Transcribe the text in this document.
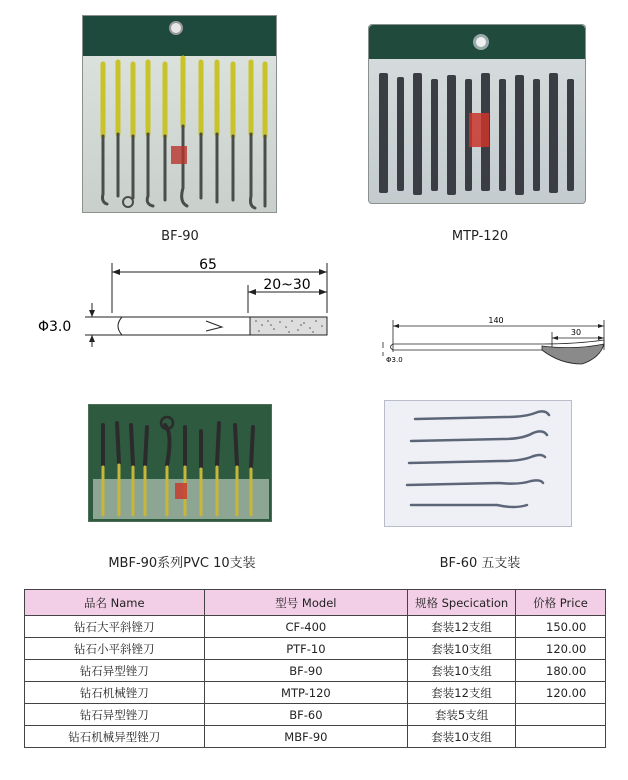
BF-90	MTP-120
65
20~30
Φ3.0	140
30
Φ3.0
MBF-90系列PVC 10支装	BF-60 五支装
品名 Name	型号 Model	规格 Specication	价格 Price
钻石大平斜锉刀	CF-400	套装12支组	150.00
钻石小平斜锉刀	PTF-10	套装10支组	120.00
钻石异型锉刀	BF-90	套装10支组	180.00
钻石机械锉刀	MTP-120	套装12支组	120.00
钻石异型锉刀	BF-60	套装5支组	
钻石机械异型锉刀	MBF-90	套装10支组	
